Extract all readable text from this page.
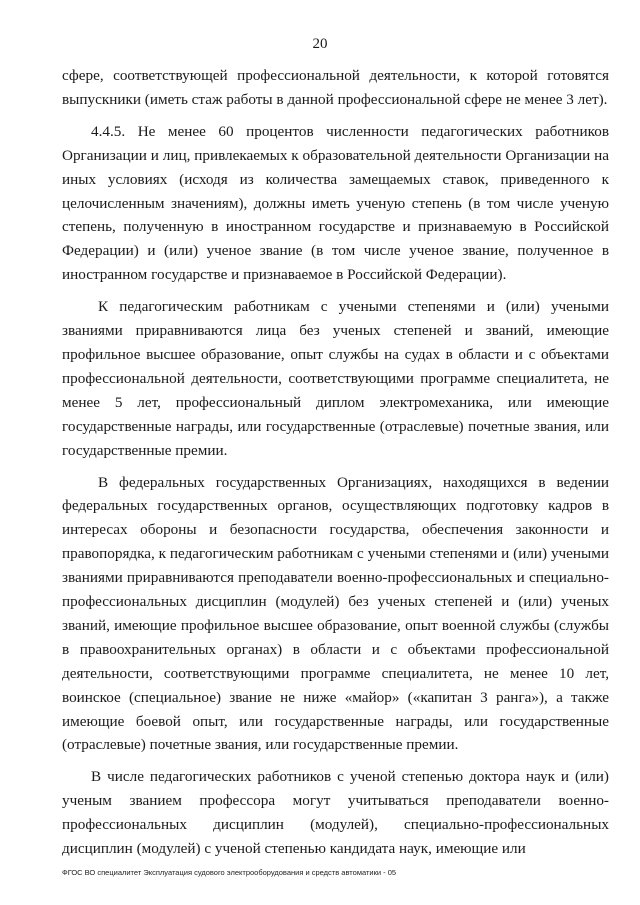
20

сфере, соответствующей профессиональной деятельности, к которой готовятся выпускники (иметь стаж работы в данной профессиональной сфере не менее 3 лет).

4.4.5. Не менее 60 процентов численности педагогических работников Организации и лиц, привлекаемых к образовательной деятельности Организации на иных условиях (исходя из количества замещаемых ставок, приведенного к целочисленным значениям), должны иметь ученую степень (в том числе ученую степень, полученную в иностранном государстве и признаваемую в Российской Федерации) и (или) ученое звание (в том числе ученое звание, полученное в иностранном государстве и признаваемое в Российской Федерации).

К педагогическим работникам с учеными степенями и (или) учеными званиями приравниваются лица без ученых степеней и званий, имеющие профильное высшее образование, опыт службы на судах в области и с объектами профессиональной деятельности, соответствующими программе специалитета, не менее 5 лет, профессиональный диплом электромеханика, или имеющие государственные награды, или государственные (отраслевые) почетные звания, или государственные премии.

В федеральных государственных Организациях, находящихся в ведении федеральных государственных органов, осуществляющих подготовку кадров в интересах обороны и безопасности государства, обеспечения законности и правопорядка, к педагогическим работникам с учеными степенями и (или) учеными званиями приравниваются преподаватели военно-профессиональных и специально-профессиональных дисциплин (модулей) без ученых степеней и (или) ученых званий, имеющие профильное высшее образование, опыт военной службы (службы в правоохранительных органах) в области и с объектами профессиональной деятельности, соответствующими программе специалитета, не менее 10 лет, воинское (специальное) звание не ниже «майор» («капитан 3 ранга»), а также имеющие боевой опыт, или государственные награды, или государственные (отраслевые) почетные звания, или государственные премии.

В числе педагогических работников с ученой степенью доктора наук и (или) ученым званием профессора могут учитываться преподаватели военно-профессиональных дисциплин (модулей), специально-профессиональных дисциплин (модулей) с ученой степенью кандидата наук, имеющие или

ФГОС ВО специалитет Эксплуатация судового электрооборудования и средств автоматики - 05
